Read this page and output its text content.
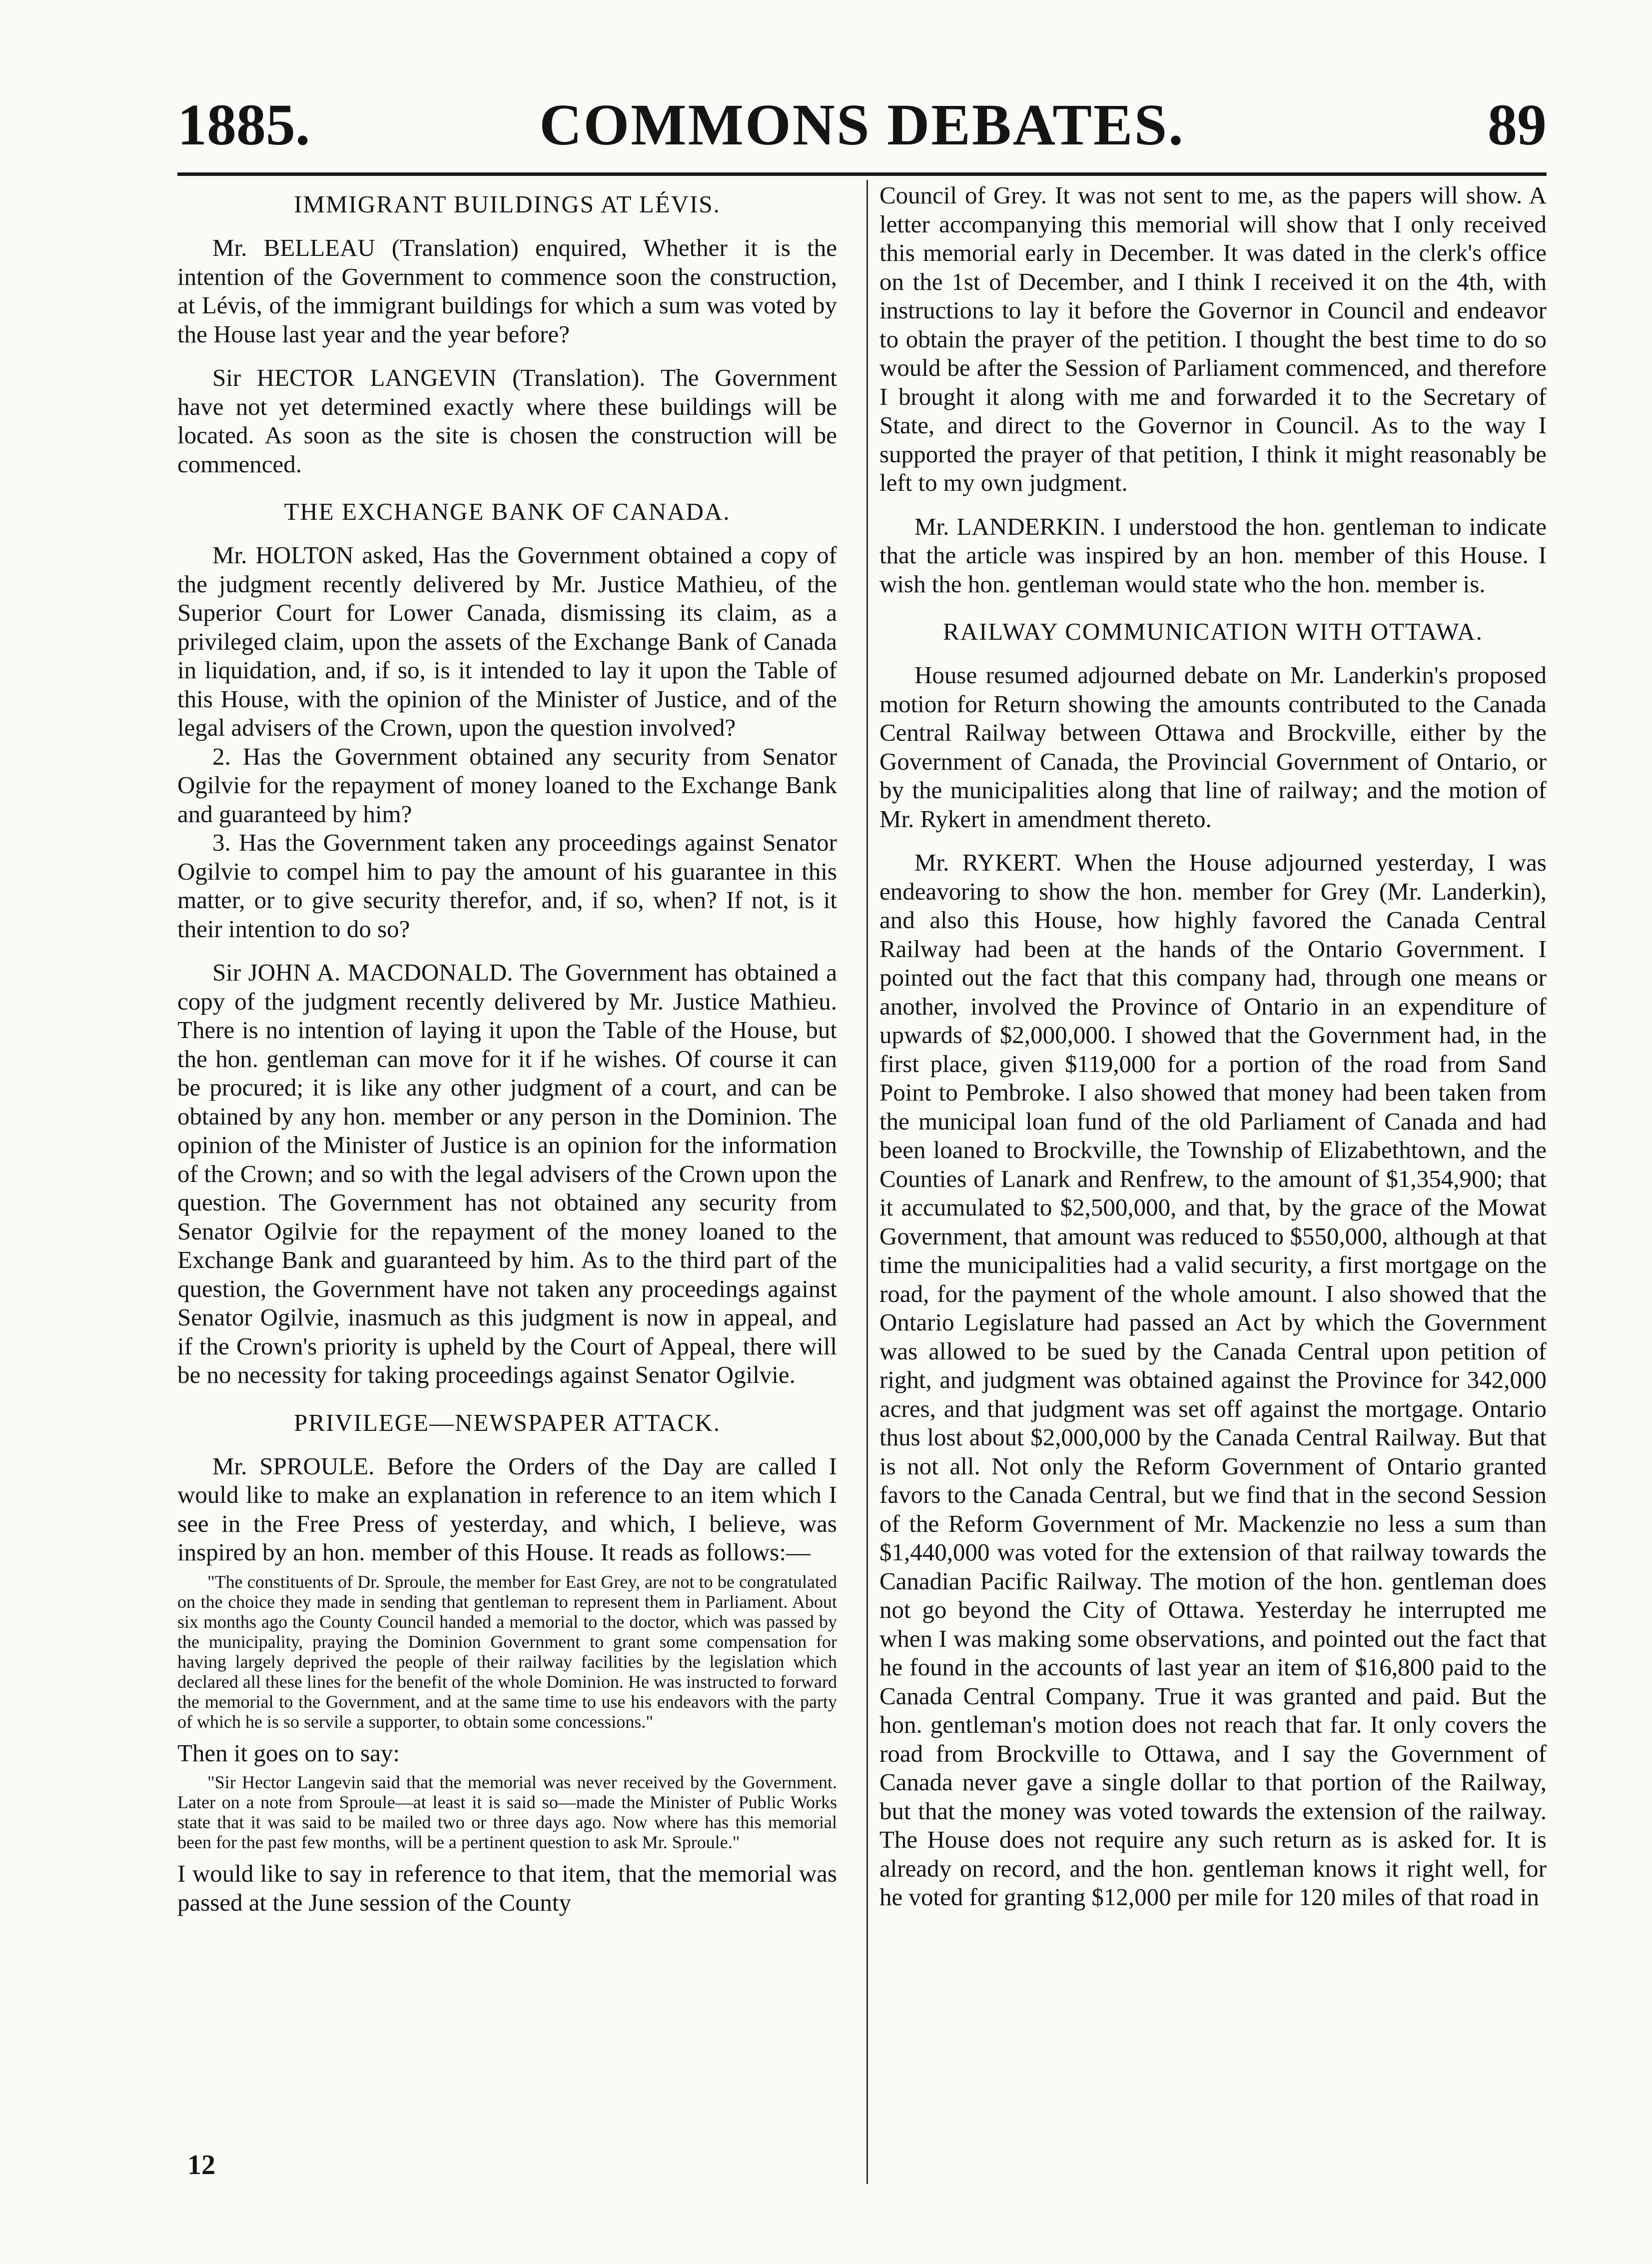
1885.	COMMONS DEBATES.	89
IMMIGRANT BUILDINGS AT LÉVIS.

Mr. BELLEAU (Translation) enquired, Whether it is the intention of the Government to commence soon the construction, at Lévis, of the immigrant buildings for which a sum was voted by the House last year and the year before?

Sir HECTOR LANGEVIN (Translation). The Government have not yet determined exactly where these buildings will be located. As soon as the site is chosen the construction will be commenced.

THE EXCHANGE BANK OF CANADA.

Mr. HOLTON asked, Has the Government obtained a copy of the judgment recently delivered by Mr. Justice Mathieu, of the Superior Court for Lower Canada, dismissing its claim, as a privileged claim, upon the assets of the Exchange Bank of Canada in liquidation, and, if so, is it intended to lay it upon the Table of this House, with the opinion of the Minister of Justice, and of the legal advisers of the Crown, upon the question involved?

2. Has the Government obtained any security from Senator Ogilvie for the repayment of money loaned to the Exchange Bank and guaranteed by him?

3. Has the Government taken any proceedings against Senator Ogilvie to compel him to pay the amount of his guarantee in this matter, or to give security therefor, and, if so, when? If not, is it their intention to do so?

Sir JOHN A. MACDONALD. The Government has obtained a copy of the judgment recently delivered by Mr. Justice Mathieu. There is no intention of laying it upon the Table of the House, but the hon. gentleman can move for it if he wishes. Of course it can be procured; it is like any other judgment of a court, and can be obtained by any hon. member or any person in the Dominion. The opinion of the Minister of Justice is an opinion for the information of the Crown; and so with the legal advisers of the Crown upon the question. The Government has not obtained any security from Senator Ogilvie for the repayment of the money loaned to the Exchange Bank and guaranteed by him. As to the third part of the question, the Government have not taken any proceedings against Senator Ogilvie, inasmuch as this judgment is now in appeal, and if the Crown's priority is upheld by the Court of Appeal, there will be no necessity for taking proceedings against Senator Ogilvie.

PRIVILEGE—NEWSPAPER ATTACK.

Mr. SPROULE. Before the Orders of the Day are called I would like to make an explanation in reference to an item which I see in the Free Press of yesterday, and which, I believe, was inspired by an hon. member of this House. It reads as follows:—

"The constituents of Dr. Sproule, the member for East Grey, are not to be congratulated on the choice they made in sending that gentleman to represent them in Parliament. About six months ago the County Council handed a memorial to the doctor, which was passed by the municipality, praying the Dominion Government to grant some compensation for having largely deprived the people of their railway facilities by the legislation which declared all these lines for the benefit of the whole Dominion. He was instructed to forward the memorial to the Government, and at the same time to use his endeavors with the party of which he is so servile a supporter, to obtain some concessions."

Then it goes on to say:

"Sir Hector Langevin said that the memorial was never received by the Government. Later on a note from Sproule—at least it is said so—made the Minister of Public Works state that it was said to be mailed two or three days ago. Now where has this memorial been for the past few months, will be a pertinent question to ask Mr. Sproule."

I would like to say in reference to that item, that the memorial was passed at the June session of the County

12

Council of Grey. It was not sent to me, as the papers will show. A letter accompanying this memorial will show that I only received this memorial early in December. It was dated in the clerk's office on the 1st of December, and I think I received it on the 4th, with instructions to lay it before the Governor in Council and endeavor to obtain the prayer of the petition. I thought the best time to do so would be after the Session of Parliament commenced, and therefore I brought it along with me and forwarded it to the Secretary of State, and direct to the Governor in Council. As to the way I supported the prayer of that petition, I think it might reasonably be left to my own judgment.

Mr. LANDERKIN. I understood the hon. gentleman to indicate that the article was inspired by an hon. member of this House. I wish the hon. gentleman would state who the hon. member is.

RAILWAY COMMUNICATION WITH OTTAWA.

House resumed adjourned debate on Mr. Landerkin's proposed motion for Return showing the amounts contributed to the Canada Central Railway between Ottawa and Brockville, either by the Government of Canada, the Provincial Government of Ontario, or by the municipalities along that line of railway; and the motion of Mr. Rykert in amendment thereto.

Mr. RYKERT. When the House adjourned yesterday, I was endeavoring to show the hon. member for Grey (Mr. Landerkin), and also this House, how highly favored the Canada Central Railway had been at the hands of the Ontario Government. I pointed out the fact that this company had, through one means or another, involved the Province of Ontario in an expenditure of upwards of $2,000,000. I showed that the Government had, in the first place, given $119,000 for a portion of the road from Sand Point to Pembroke. I also showed that money had been taken from the municipal loan fund of the old Parliament of Canada and had been loaned to Brockville, the Township of Elizabethtown, and the Counties of Lanark and Renfrew, to the amount of $1,354,900; that it accumulated to $2,500,000, and that, by the grace of the Mowat Government, that amount was reduced to $550,000, although at that time the municipalities had a valid security, a first mortgage on the road, for the payment of the whole amount. I also showed that the Ontario Legislature had passed an Act by which the Government was allowed to be sued by the Canada Central upon petition of right, and judgment was obtained against the Province for 342,000 acres, and that judgment was set off against the mortgage. Ontario thus lost about $2,000,000 by the Canada Central Railway. But that is not all. Not only the Reform Government of Ontario granted favors to the Canada Central, but we find that in the second Session of the Reform Government of Mr. Mackenzie no less a sum than $1,440,000 was voted for the extension of that railway towards the Canadian Pacific Railway. The motion of the hon. gentleman does not go beyond the City of Ottawa. Yesterday he interrupted me when I was making some observations, and pointed out the fact that he found in the accounts of last year an item of $16,800 paid to the Canada Central Company. True it was granted and paid. But the hon. gentleman's motion does not reach that far. It only covers the road from Brockville to Ottawa, and I say the Government of Canada never gave a single dollar to that portion of the Railway, but that the money was voted towards the extension of the railway. The House does not require any such return as is asked for. It is already on record, and the hon. gentleman knows it right well, for he voted for granting $12,000 per mile for 120 miles of that road in
